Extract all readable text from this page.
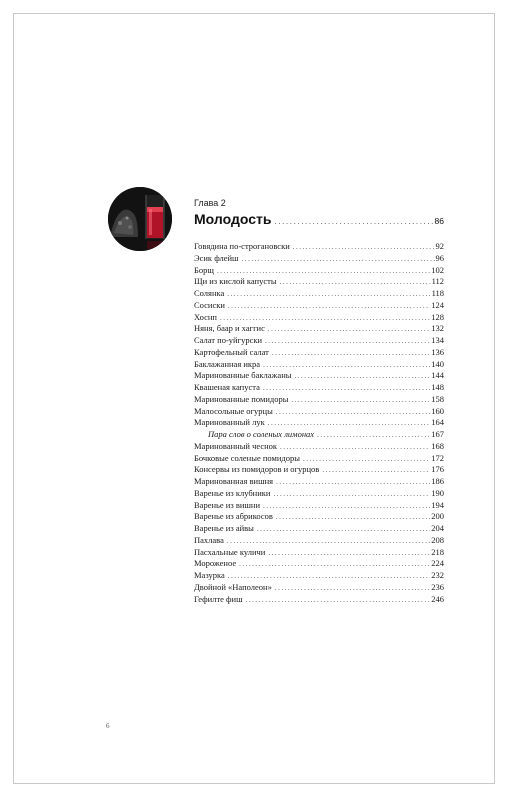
Глава 2
Молодость .....	86
Говядина по-строгановски .....	92
Эсик флейш .....	96
Борщ .....	102
Щи из кислой капусты .....	112
Солянка .....	118
Сосиски .....	124
Хоснп .....	128
Няня, бааp и хаггис .....	132
Салат по-уйгурски .....	134
Картофельный салат .....	136
Баклажанная икра .....	140
Маринованные баклажаны .....	144
Квашеная капуста .....	148
Маринованные помидоры .....	158
Малосольные огурцы .....	160
Маринованный лук .....	164
Пара слов о соленых лимонах .....	167
Маринованный чеснок .....	168
Бочковые соленые помидоры .....	172
Консервы из помидоров и огурцов .....	176
Маринованная вишня .....	186
Варенье из клубники .....	190
Варенье из вишни .....	194
Варенье из абрикосов .....	200
Варенье из айвы .....	204
Пахлава .....	208
Пасхальные куличи .....	218
Мороженое .....	224
Мазурка .....	232
Двойной «Наполеон» .....	236
Гефилте фиш .....	246
6
